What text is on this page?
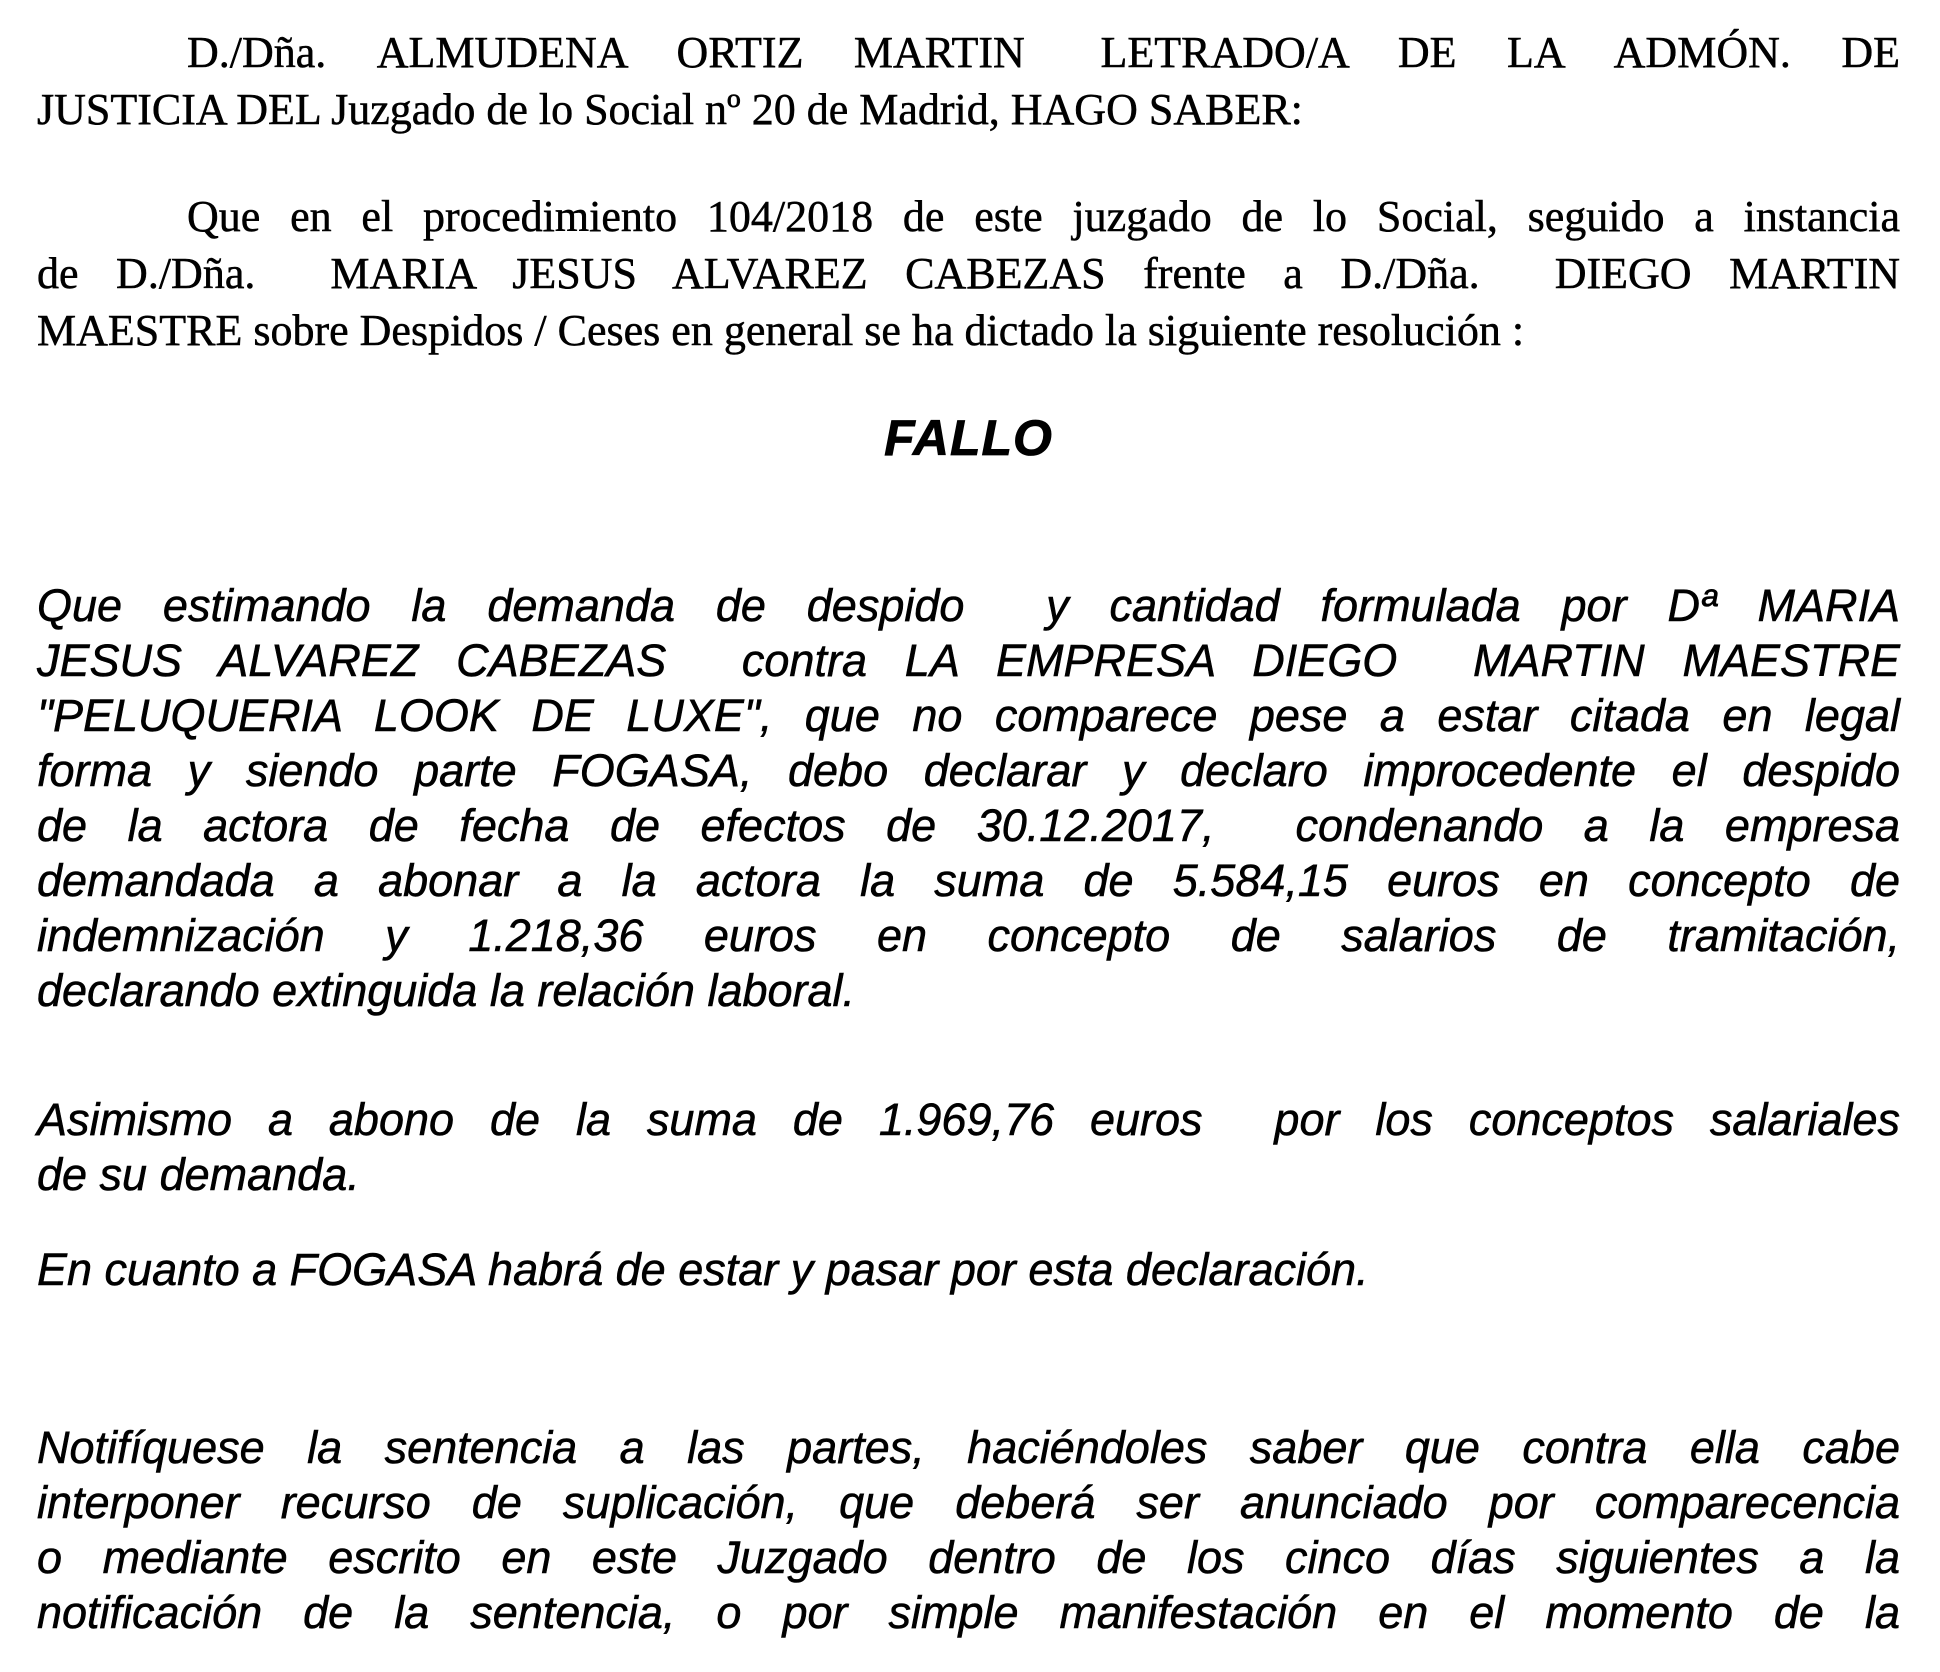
D./Dña.  ALMUDENA  ORTIZ  MARTIN   LETRADO/A  DE  LA  ADMÓN.  DE
JUSTICIA DEL Juzgado de lo Social nº 20 de Madrid, HAGO SABER:
Que en el procedimiento 104/2018 de este juzgado de lo Social, seguido a instancia
de D./Dña.  MARIA JESUS ALVAREZ CABEZAS frente a D./Dña.  DIEGO MARTIN
MAESTRE sobre Despidos / Ceses en general se ha dictado la siguiente resolución :
FALLO
Que estimando la demanda de despido  y cantidad formulada por Dª MARIA
JESUS ALVAREZ CABEZAS  contra LA EMPRESA DIEGO  MARTIN MAESTRE
"PELUQUERIA LOOK DE LUXE", que no comparece pese a estar citada en legal
forma y siendo parte FOGASA, debo declarar y declaro improcedente el despido
de la actora de fecha de efectos de 30.12.2017,  condenando a la empresa
demandada a abonar a la actora la suma de 5.584,15 euros en concepto de
indemnización y 1.218,36 euros en concepto de salarios de tramitación,
declarando extinguida la relación laboral.
Asimismo a abono de la suma de 1.969,76 euros  por los conceptos salariales
de su demanda.
En cuanto a FOGASA habrá de estar y pasar por esta declaración.
Notifíquese la sentencia a las partes, haciéndoles saber que contra ella cabe
interponer recurso de suplicación, que deberá ser anunciado por comparecencia
o mediante escrito en este Juzgado dentro de los cinco días siguientes a la
notificación de la sentencia, o por simple manifestación en el momento de la
